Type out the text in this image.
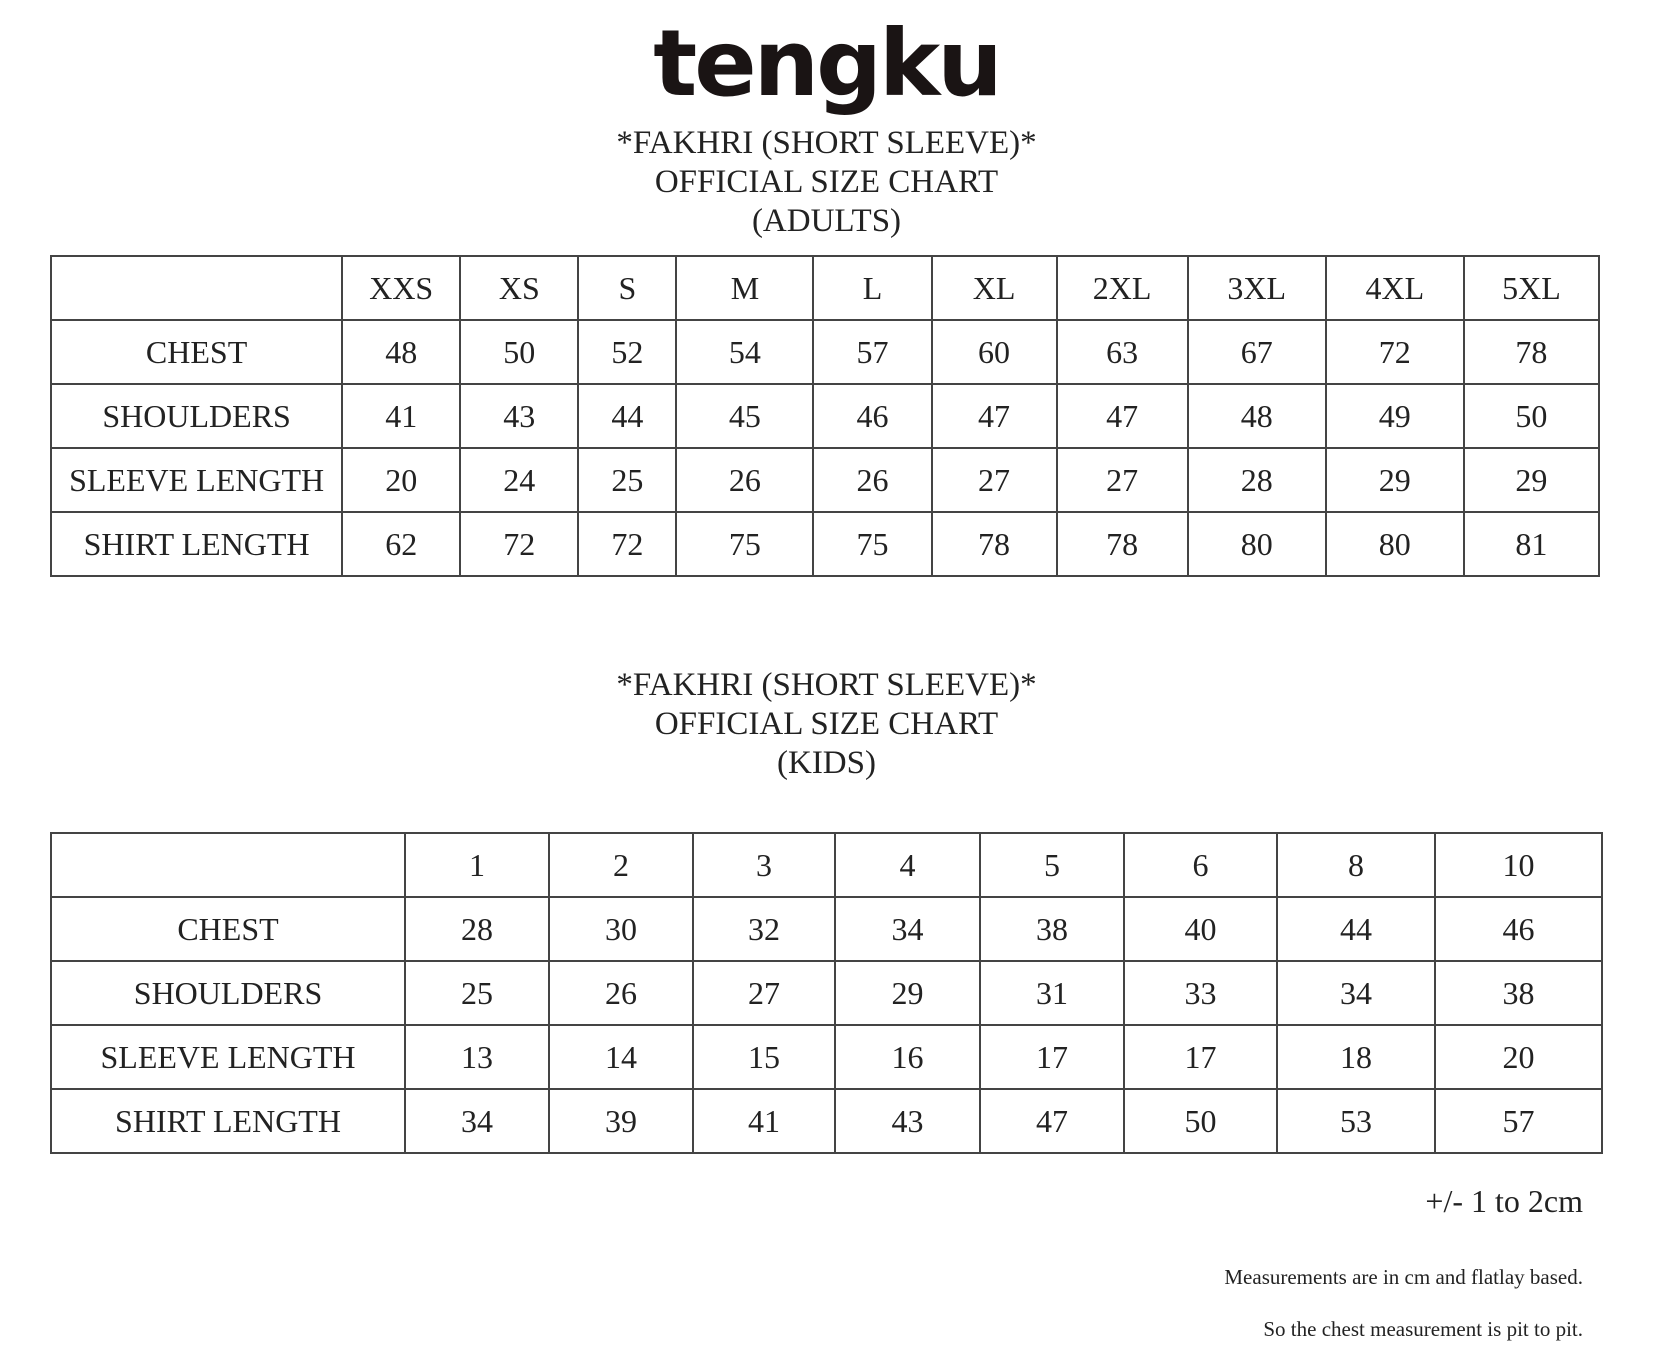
tengku
*FAKHRI (SHORT SLEEVE)*
OFFICIAL SIZE CHART
(ADULTS)
	XXS	XS	S	M	L	XL	2XL	3XL	4XL	5XL
CHEST	48	50	52	54	57	60	63	67	72	78
SHOULDERS	41	43	44	45	46	47	47	48	49	50
SLEEVE LENGTH	20	24	25	26	26	27	27	28	29	29
SHIRT LENGTH	62	72	72	75	75	78	78	80	80	81
*FAKHRI (SHORT SLEEVE)*
OFFICIAL SIZE CHART
(KIDS)
	1	2	3	4	5	6	8	10
CHEST	28	30	32	34	38	40	44	46
SHOULDERS	25	26	27	29	31	33	34	38
SLEEVE LENGTH	13	14	15	16	17	17	18	20
SHIRT LENGTH	34	39	41	43	47	50	53	57
+/- 1 to 2cm
Measurements are in cm and flatlay based.
So the chest measurement is pit to pit.
